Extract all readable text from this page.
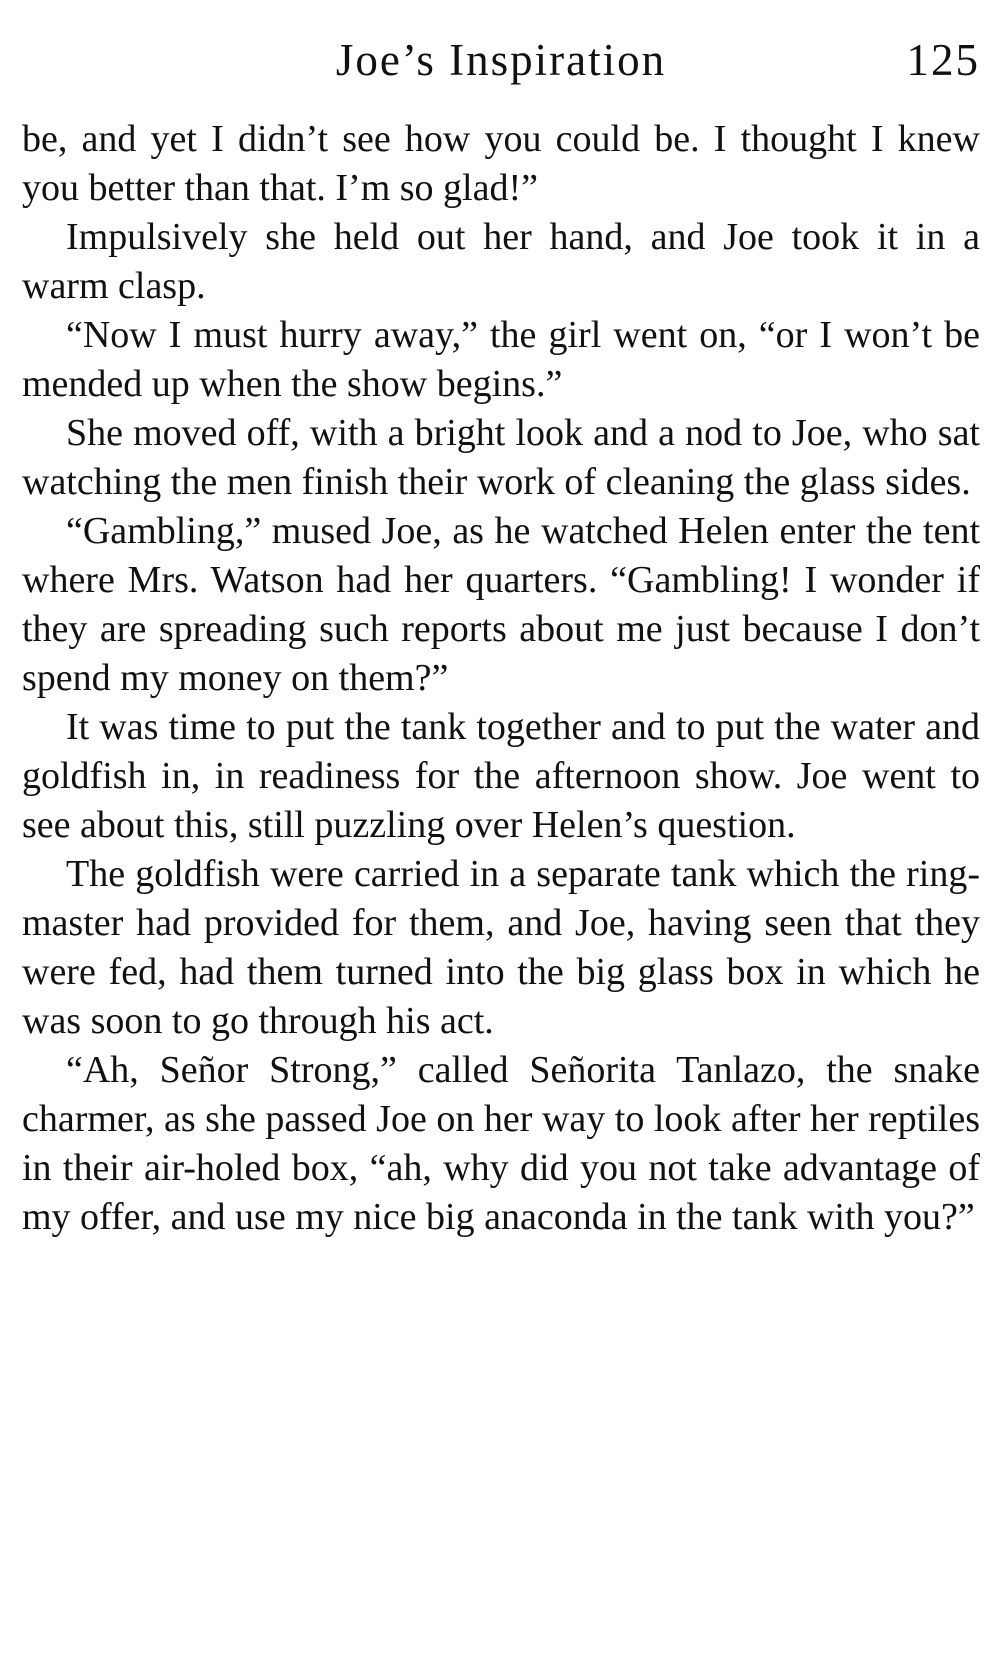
Joe’s Inspiration	125

be, and yet I didn’t see how you could be. I thought I knew you better than that. I’m so glad!”

Impulsively she held out her hand, and Joe took it in a warm clasp.

“Now I must hurry away,” the girl went on, “or I won’t be mended up when the show begins.”

She moved off, with a bright look and a nod to Joe, who sat watching the men finish their work of cleaning the glass sides.

“Gambling,” mused Joe, as he watched Helen enter the tent where Mrs. Watson had her quarters. “Gambling! I wonder if they are spreading such reports about me just because I don’t spend my money on them?”

It was time to put the tank together and to put the water and goldfish in, in readiness for the afternoon show. Joe went to see about this, still puzzling over Helen’s question.

The goldfish were carried in a separate tank which the ring-master had provided for them, and Joe, having seen that they were fed, had them turned into the big glass box in which he was soon to go through his act.

“Ah, Señor Strong,” called Señorita Tanlazo, the snake charmer, as she passed Joe on her way to look after her reptiles in their air-holed box, “ah, why did you not take advantage of my offer, and use my nice big anaconda in the tank with you?”
